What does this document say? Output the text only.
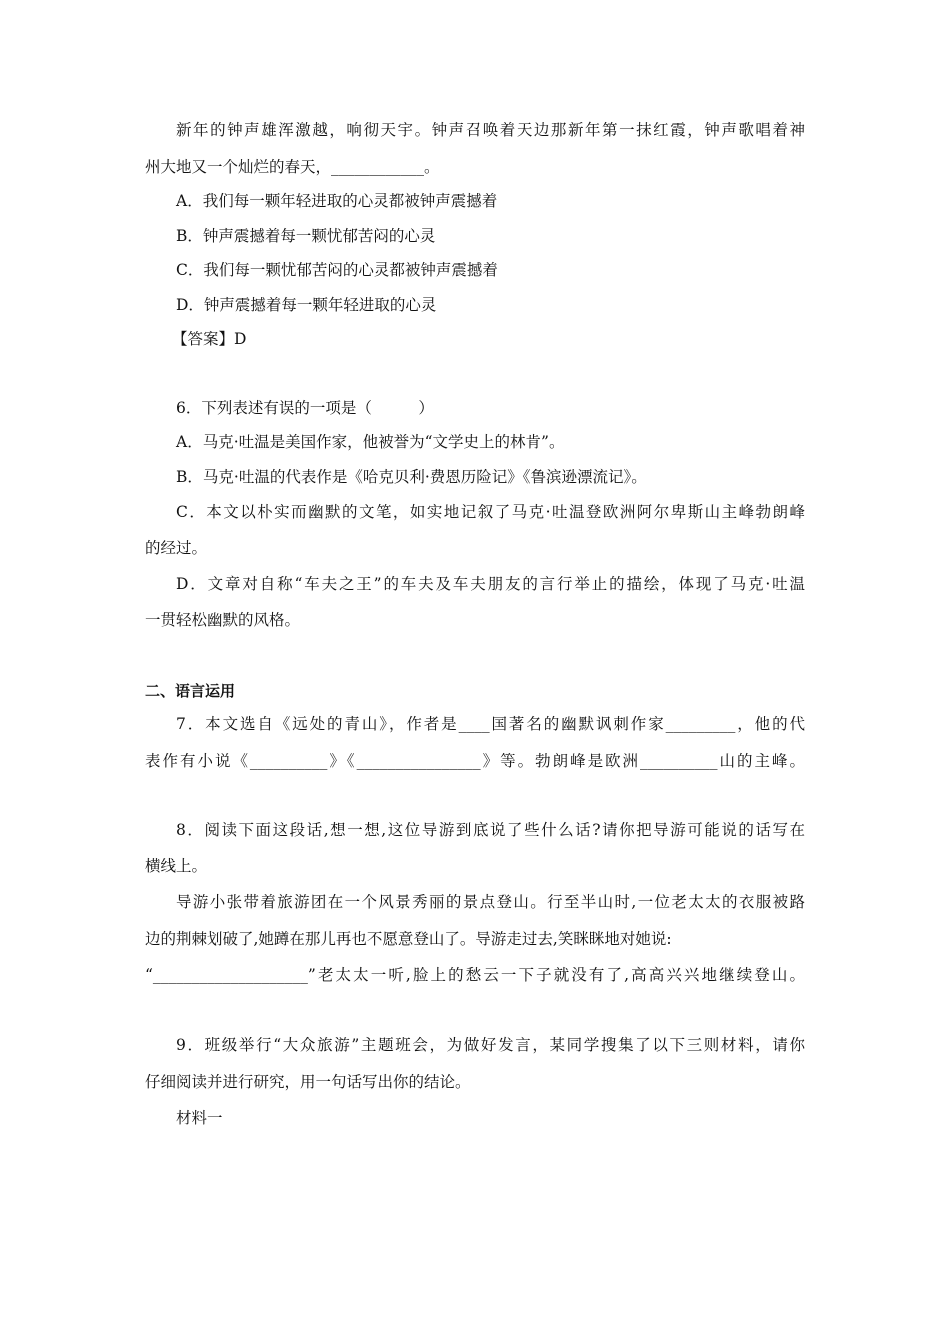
新年的钟声雄浑激越，响彻天宇。钟声召唤着天边那新年第一抹红霞，钟声歌唱着神
州大地又一个灿烂的春天，____________。
A．我们每一颗年轻进取的心灵都被钟声震撼着
B．钟声震撼着每一颗忧郁苦闷的心灵
C．我们每一颗忧郁苦闷的心灵都被钟声震撼着
D．钟声震撼着每一颗年轻进取的心灵
【答案】D
6．下列表述有误的一项是（　　　）
A．马克·吐温是美国作家，他被誉为“文学史上的林肯”。
B．马克·吐温的代表作是《哈克贝利·费恩历险记》《鲁滨逊漂流记》。
C．本文以朴实而幽默的文笔，如实地记叙了马克·吐温登欧洲阿尔卑斯山主峰勃朗峰
的经过。
D．文章对自称“车夫之王”的车夫及车夫朋友的言行举止的描绘，体现了马克·吐温
一贯轻松幽默的风格。
二、语言运用
7．本文选自《远处的青山》，作者是____国著名的幽默讽刺作家_________，他的代
表作有小说《__________》《________________》等。勃朗峰是欧洲__________山的主峰。
8．阅读下面这段话,想一想,这位导游到底说了些什么话?请你把导游可能说的话写在
横线上。
导游小张带着旅游团在一个风景秀丽的景点登山。行至半山时,一位老太太的衣服被路
边的荆棘划破了,她蹲在那儿再也不愿意登山了。导游走过去,笑眯眯地对她说:
“____________________”老太太一听,脸上的愁云一下子就没有了,高高兴兴地继续登山。
9．班级举行“大众旅游”主题班会，为做好发言，某同学搜集了以下三则材料，请你
仔细阅读并进行研究，用一句话写出你的结论。
材料一
